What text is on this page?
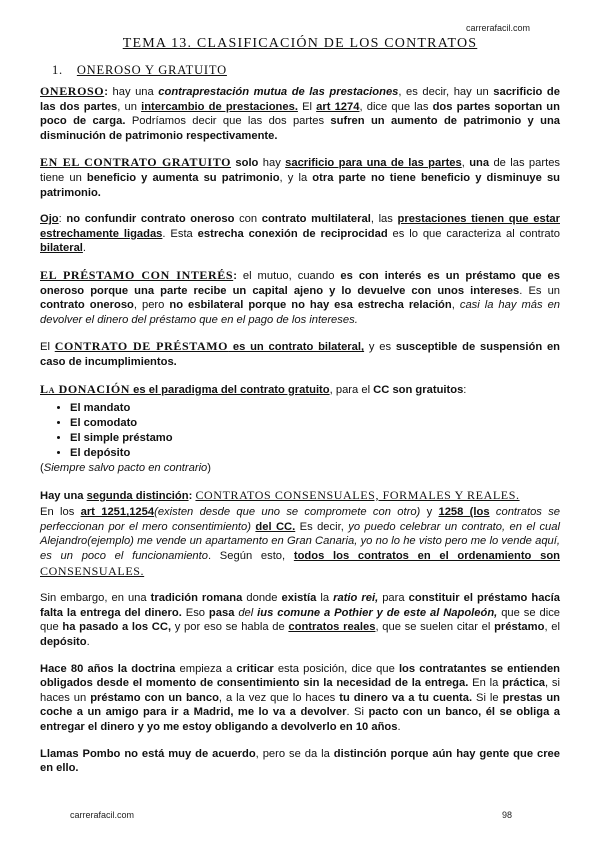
carrerafacil.com
TEMA 13. CLASIFICACIÓN DE LOS CONTRATOS
1. ONEROSO Y GRATUITO

ONEROSO: hay una contraprestación mutua de las prestaciones, es decir, hay un sacrificio de las dos partes, un intercambio de prestaciones. El art 1274, dice que las dos partes soportan un poco de carga. Podríamos decir que las dos partes sufren un aumento de patrimonio y una disminución de patrimonio respectivamente.

EN EL CONTRATO GRATUITO solo hay sacrificio para una de las partes, una de las partes tiene un beneficio y aumenta su patrimonio, y la otra parte no tiene beneficio y disminuye su patrimonio.

Ojo: no confundir contrato oneroso con contrato multilateral, las prestaciones tienen que estar estrechamente ligadas. Esta estrecha conexión de reciprocidad es lo que caracteriza al contrato bilateral.

EL PRÉSTAMO CON INTERÉS: el mutuo, cuando es con interés es un préstamo que es oneroso porque una parte recibe un capital ajeno y lo devuelve con unos intereses. Es un contrato oneroso, pero no esbilateral porque no hay esa estrecha relación, casi la hay más en devolver el dinero del préstamo que en el pago de los intereses.

El CONTRATO DE PRÉSTAMO es un contrato bilateral, y es susceptible de suspensión en caso de incumplimientos.

La DONACIÓN es el paradigma del contrato gratuito, para el CC son gratuitos:

• El mandato
• El comodato
• El simple préstamo
• El depósito

(Siempre salvo pacto en contrario)

Hay una segunda distinción: CONTRATOS CONSENSUALES, FORMALES Y REALES.

En los art 1251,1254(existen desde que uno se compromete con otro) y 1258 (los contratos se perfeccionan por el mero consentimiento) del CC. Es decir, yo puedo celebrar un contrato, en el cual Alejandro(ejemplo) me vende un apartamento en Gran Canaria, yo no lo he visto pero me lo vende aquí, es un poco el funcionamiento. Según esto, todos los contratos en el ordenamiento son CONSENSUALES.

Sin embargo, en una tradición romana donde existía la ratio rei, para constituir el préstamo hacía falta la entrega del dinero. Eso pasa del ius comune a Pothier y de este al Napoleón, que se dice que ha pasado a los CC, y por eso se habla de contratos reales, que se suelen citar el préstamo, el depósito.

Hace 80 años la doctrina empieza a criticar esta posición, dice que los contratantes se entienden obligados desde el momento de consentimiento sin la necesidad de la entrega. En la práctica, si haces un préstamo con un banco, a la vez que lo haces tu dinero va a tu cuenta. Si le prestas un coche a un amigo para ir a Madrid, me lo va a devolver. Si pacto con un banco, él se obliga a entregar el dinero y yo me estoy obligando a devolverlo en 10 años.

Llamas Pombo no está muy de acuerdo, pero se da la distinción porque aún hay gente que cree en ello.

carrerafacil.com	98
